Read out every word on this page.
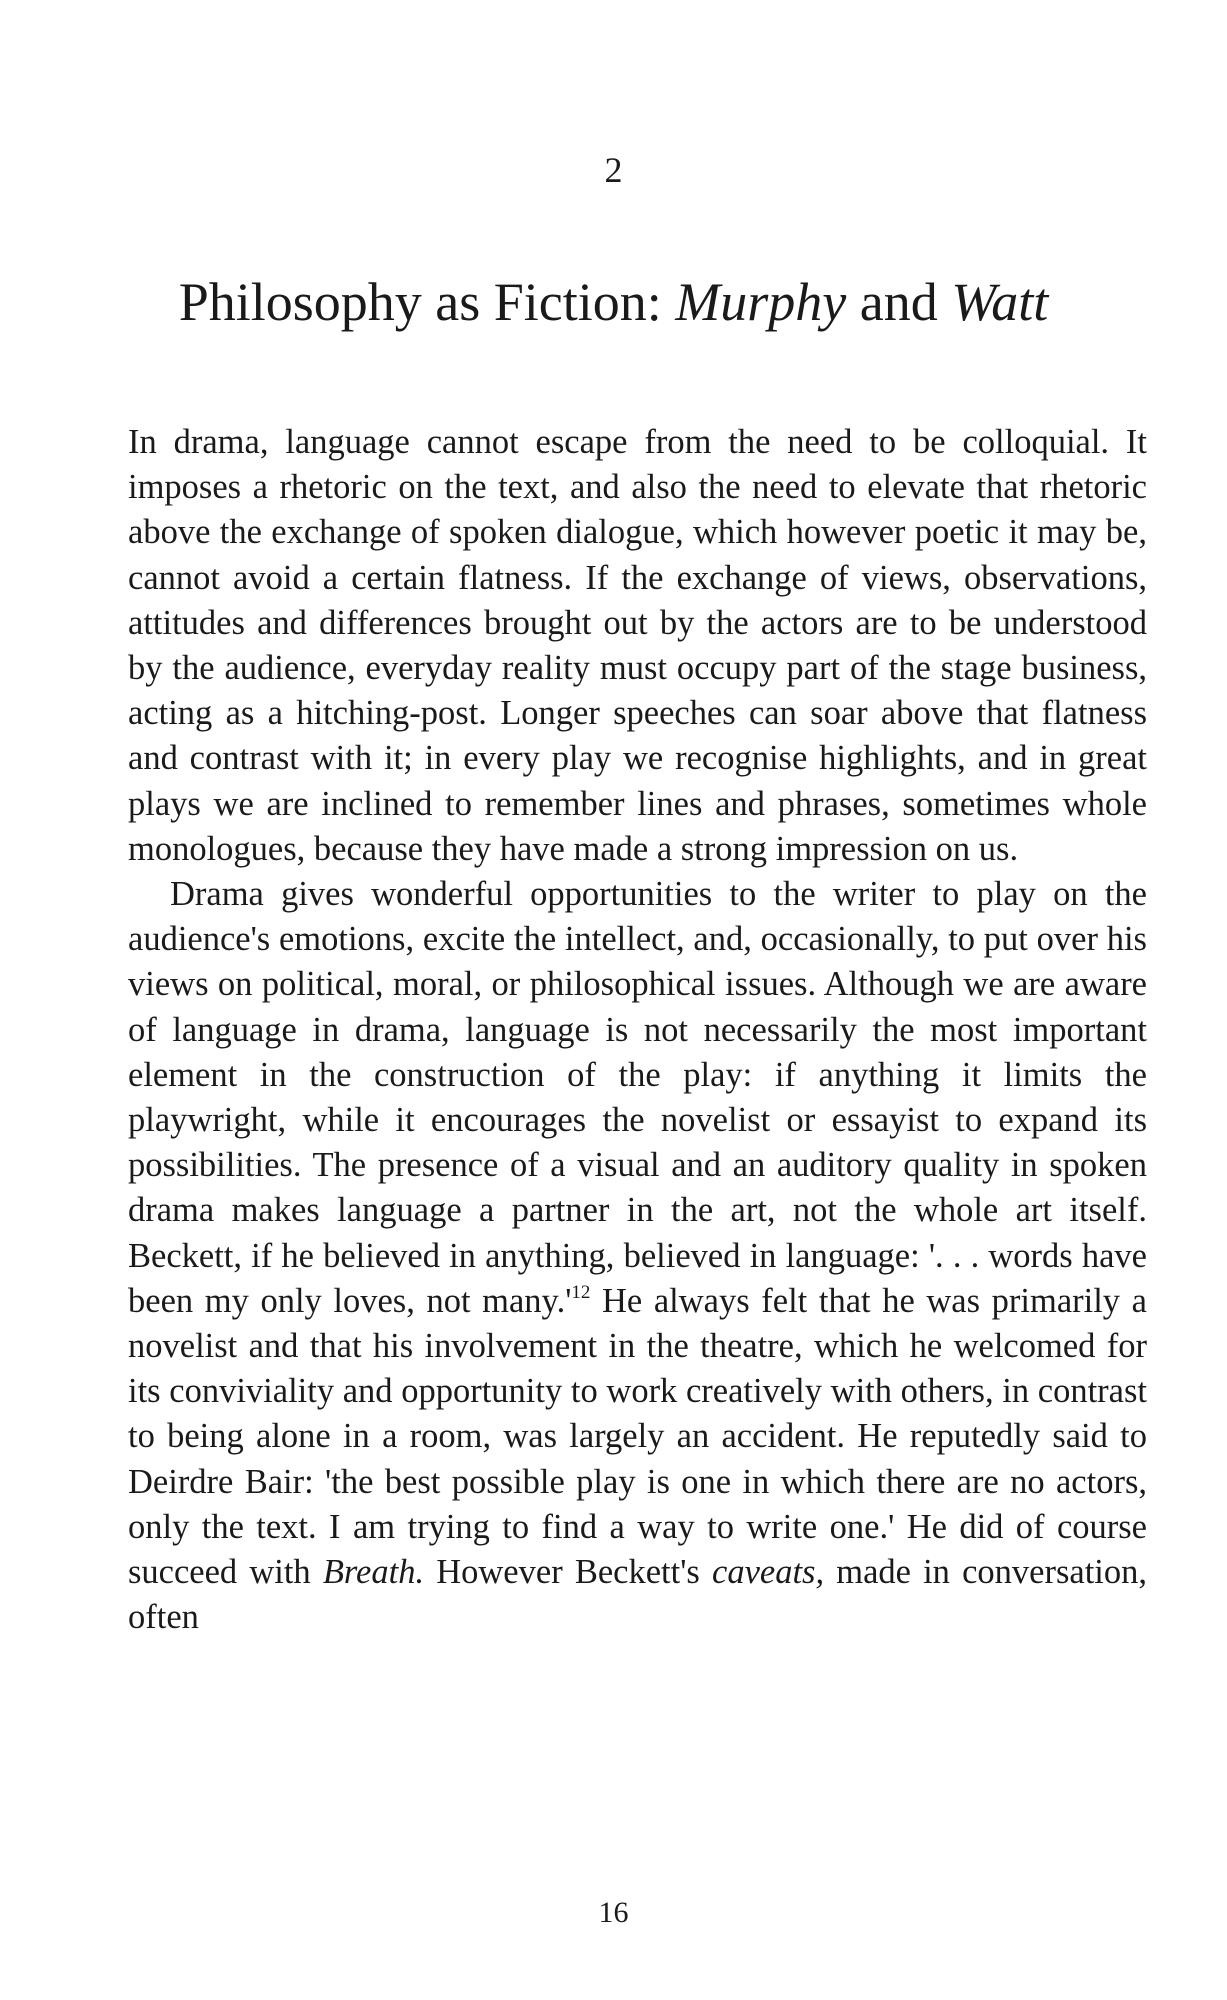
2
Philosophy as Fiction: Murphy and Watt

In drama, language cannot escape from the need to be colloquial. It imposes a rhetoric on the text, and also the need to elevate that rhetoric above the exchange of spoken dialogue, which however poetic it may be, cannot avoid a certain flatness. If the exchange of views, observations, attitudes and differences brought out by the actors are to be understood by the audience, everyday reality must occupy part of the stage business, acting as a hitching-post. Longer speeches can soar above that flatness and contrast with it; in every play we recognise highlights, and in great plays we are inclined to remember lines and phrases, sometimes whole monologues, because they have made a strong impression on us.

Drama gives wonderful opportunities to the writer to play on the audience's emotions, excite the intellect, and, occasionally, to put over his views on political, moral, or philosophical issues. Although we are aware of language in drama, language is not necessarily the most important element in the construction of the play: if anything it limits the playwright, while it encourages the novelist or essayist to expand its possibilities. The presence of a visual and an auditory quality in spoken drama makes language a partner in the art, not the whole art itself. Beckett, if he believed in anything, believed in language: '. . . words have been my only loves, not $many.'^{12}$ He always felt that he was primarily a novelist and that his involvement in the theatre, which he welcomed for its conviviality and opportunity to work creatively with others, in contrast to being alone in a room, was largely an accident. He reputedly said to Deirdre Bair: 'the best possible play is one in which there are no actors, only the text. I am trying to find a way to write one.' He did of course succeed with Breath. However Beckett's caveats, made in conversation, often

16
